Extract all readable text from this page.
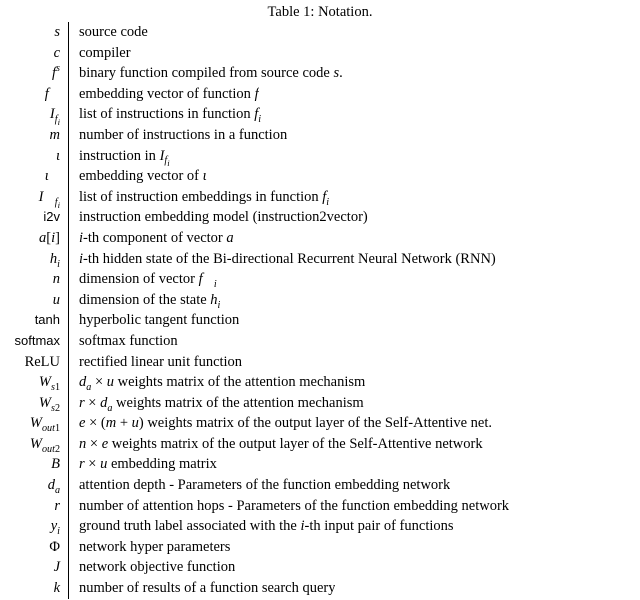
Table 1: Notation.
s	source code
c	compiler
$f^s$	binary function compiled from source code s.
f⃗	embedding vector of function f
$I_{f_i}$	list of instructions in function $f_i$
m	number of instructions in a function
ι	instruction in $I_{f_i}$
ι⃗	embedding vector of ι
$I⃗_{f_i}$	list of instruction embeddings in function $f_i$
i2v	instruction embedding model (instruction2vector)
a[i]	i-th component of vector a
$h_i$	i-th hidden state of the Bi-directional Recurrent Neural Network (RNN)
n	dimension of vector $f⃗_i$
u	dimension of the state $h_i$
tanh	hyperbolic tangent function
softmax	softmax function
ReLU	rectified linear unit function
$W_{s1}$	$d_a \times u$ weights matrix of the attention mechanism
$W_{s2}$	$r \times d_a$ weights matrix of the attention mechanism
$W_{out1}$	e × (m + u) weights matrix of the output layer of the Self-Attentive net.
$W_{out2}$	n × e weights matrix of the output layer of the Self-Attentive network
B	r × u embedding matrix
$d_a$	attention depth - Parameters of the function embedding network
r	number of attention hops - Parameters of the function embedding network
$y_i$	ground truth label associated with the i-th input pair of functions
Φ	network hyper parameters
J	network objective function
k	number of results of a function search query
